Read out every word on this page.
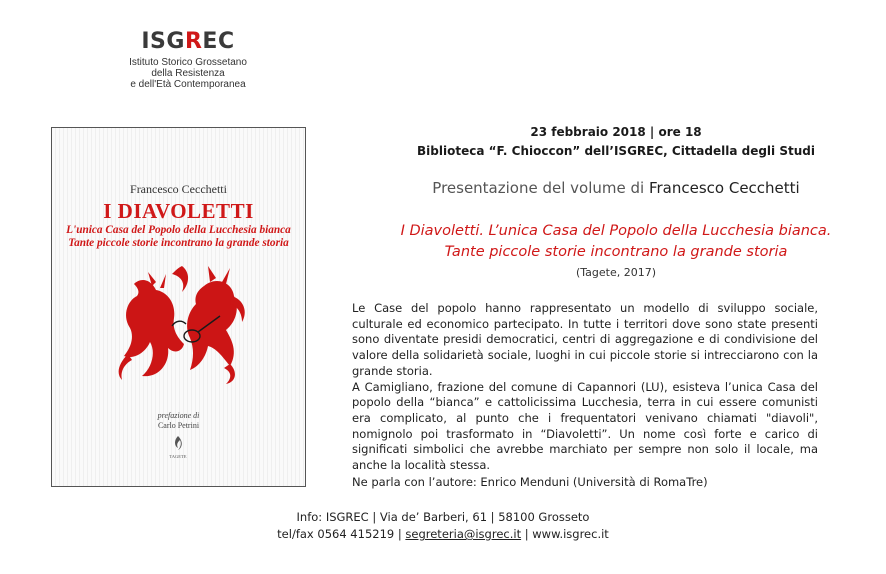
ISGREC
Istituto Storico Grossetano
della Resistenza
e dell'Età Contemporanea
Francesco Cecchetti
I DIAVOLETTI
L'unica Casa del Popolo della Lucchesia bianca
Tante piccole storie incontrano la grande storia
prefazione di
Carlo Petrini
TAGETE
23 febbraio 2018 | ore 18
Biblioteca “F. Chioccon” dell’ISGREC, Cittadella degli Studi
Presentazione del volume di Francesco Cecchetti
I Diavoletti. L’unica Casa del Popolo della Lucchesia bianca.
Tante piccole storie incontrano la grande storia
(Tagete, 2017)

Le Case del popolo hanno rappresentato un modello di sviluppo sociale, culturale ed economico partecipato. In tutte i territori dove sono state presenti sono diventate presidi democratici, centri di aggregazione e di condivisione del valore della solidarietà sociale, luoghi in cui piccole storie si intrecciarono con la grande storia.

A Camigliano, frazione del comune di Capannori (LU), esisteva l’unica Casa del popolo della “bianca” e cattolicissima Lucchesia, terra in cui essere comunisti era complicato, al punto che i frequentatori venivano chiamati "diavoli", nomignolo poi trasformato in “Diavoletti”. Un nome così forte e carico di significati simbolici che avrebbe marchiato per sempre non solo il locale, ma anche la località stessa.

Ne parla con l’autore: Enrico Menduni (Università di RomaTre)
Info: ISGREC | Via de’ Barberi, 61 | 58100 Grosseto
tel/fax 0564 415219 | segreteria@isgrec.it | www.isgrec.it
